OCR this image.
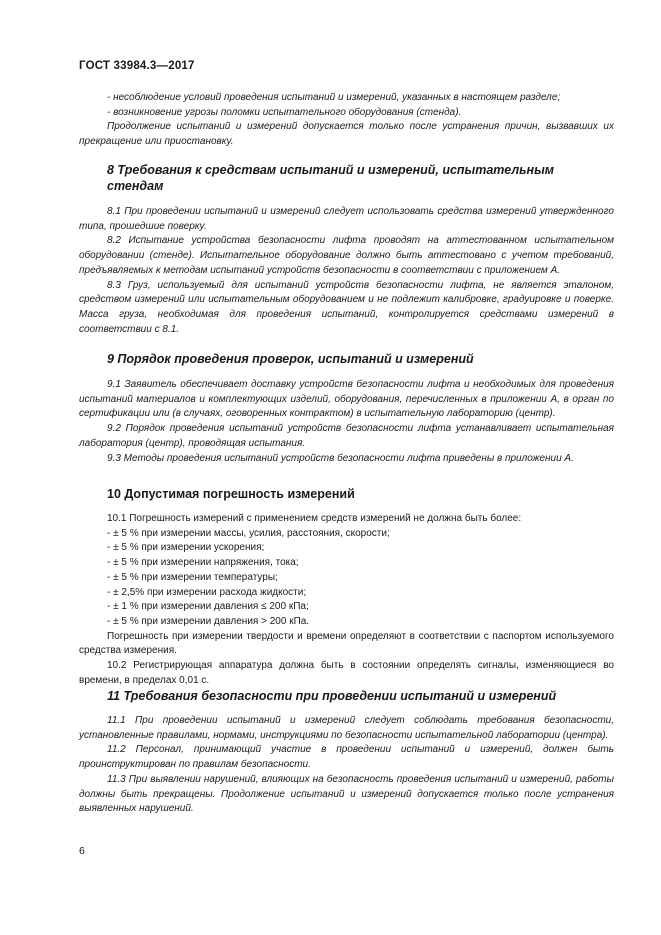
ГОСТ 33984.3—2017

- несоблюдение условий проведения испытаний и измерений, указанных в настоящем разделе;

- возникновение угрозы поломки испытательного оборудования (стенда).

Продолжение испытаний и измерений допускается только после устранения причин, вызвавших их прекращение или приостановку.

8 Требования к средствам испытаний и измерений, испытательным стендам

8.1 При проведении испытаний и измерений следует использовать средства измерений утвержденного типа, прошедшие поверку.

8.2 Испытание устройства безопасности лифта проводят на аттестованном испытательном оборудовании (стенде). Испытательное оборудование должно быть аттестовано с учетом требований, предъявляемых к методам испытаний устройств безопасности в соответствии с приложением А.

8.3 Груз, используемый для испытаний устройств безопасности лифта, не является эталоном, средством измерений или испытательным оборудованием и не подлежит калибровке, градуировке и поверке. Масса груза, необходимая для проведения испытаний, контролируется средствами измерений в соответствии с 8.1.

9 Порядок проведения проверок, испытаний и измерений

9.1 Заявитель обеспечивает доставку устройств безопасности лифта и необходимых для проведения испытаний материалов и комплектующих изделий, оборудования, перечисленных в приложении А, в орган по сертификации или (в случаях, оговоренных контрактом) в испытательную лабораторию (центр).

9.2 Порядок проведения испытаний устройств безопасности лифта устанавливает испытательная лаборатория (центр), проводящая испытания.

9.3 Методы проведения испытаний устройств безопасности лифта приведены в приложении А.

10 Допустимая погрешность измерений

10.1 Погрешность измерений с применением средств измерений не должна быть более:

- ± 5 % при измерении массы, усилия, расстояния, скорости;

- ± 5 % при измерении ускорения;

- ± 5 % при измерении напряжения, тока;

- ± 5 % при измерении температуры;

- ± 2,5% при измерении расхода жидкости;

- ± 1 % при измерении давления ≤ 200 кПа;

- ± 5 % при измерении давления > 200 кПа.

Погрешность при измерении твердости и времени определяют в соответствии с паспортом используемого средства измерения.

10.2 Регистрирующая аппаратура должна быть в состоянии определять сигналы, изменяющиеся во времени, в пределах 0,01 с.

11 Требования безопасности при проведении испытаний и измерений

11.1 При проведении испытаний и измерений следует соблюдать требования безопасности, установленные правилами, нормами, инструкциями по безопасности испытательной лаборатории (центра).

11.2 Персонал, принимающий участие в проведении испытаний и измерений, должен быть проинструктирован по правилам безопасности.

11.3 При выявлении нарушений, влияющих на безопасность проведения испытаний и измерений, работы должны быть прекращены. Продолжение испытаний и измерений допускается только после устранения выявленных нарушений.

6
